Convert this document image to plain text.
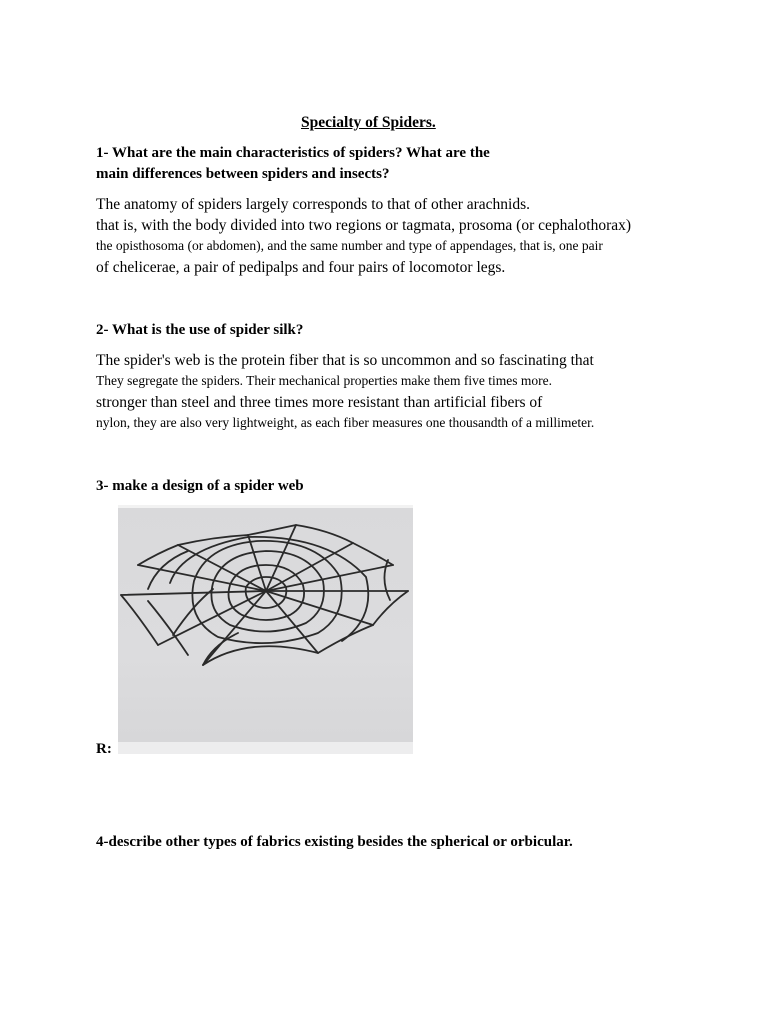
Specialty of Spiders.
1- What are the main characteristics of spiders? What are the
main differences between spiders and insects?
The anatomy of spiders largely corresponds to that of other arachnids.
that is, with the body divided into two regions or tagmata, prosoma (or cephalothorax)
the opisthosoma (or abdomen), and the same number and type of appendages, that is, one pair
of chelicerae, a pair of pedipalps and four pairs of locomotor legs.
2- What is the use of spider silk?
The spider's web is the protein fiber that is so uncommon and so fascinating that
They segregate the spiders. Their mechanical properties make them five times more.
stronger than steel and three times more resistant than artificial fibers of
nylon, they are also very lightweight, as each fiber measures one thousandth of a millimeter.
3- make a design of a spider web
R:
4-describe other types of fabrics existing besides the spherical or orbicular.
